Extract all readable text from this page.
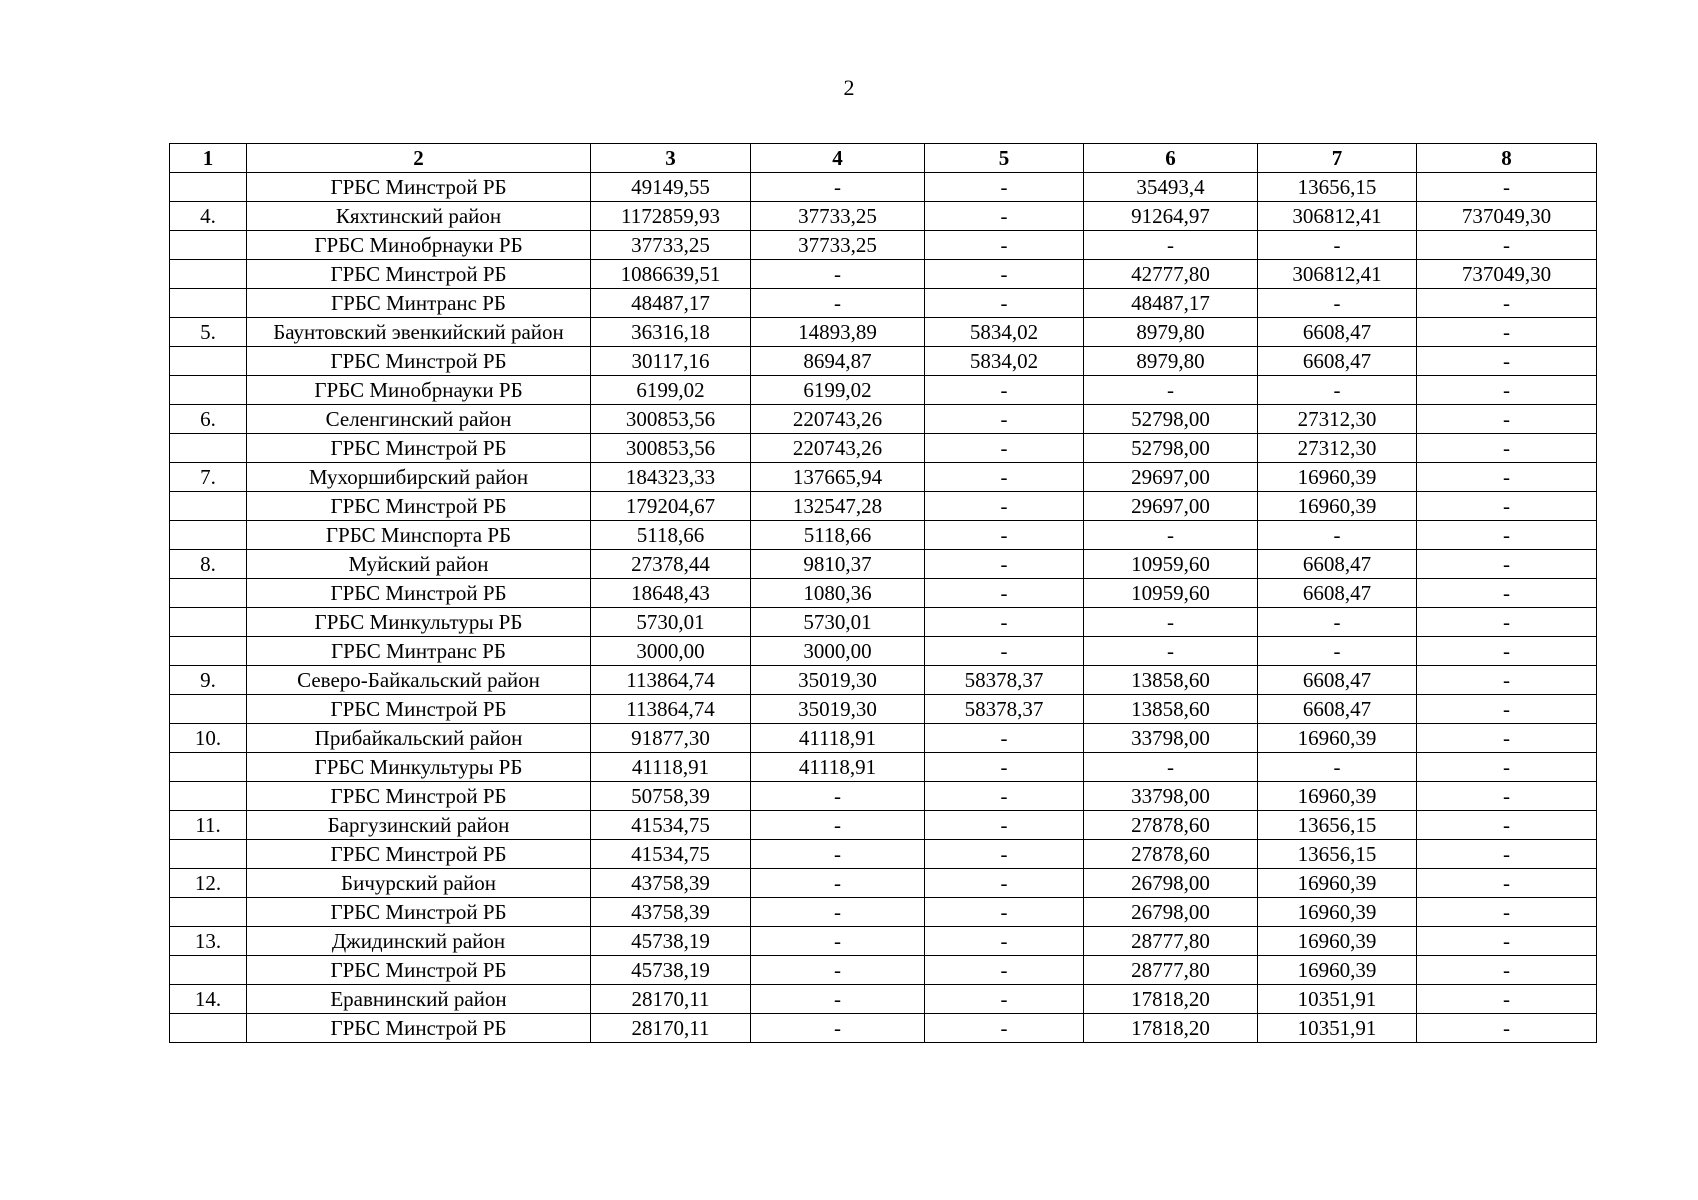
2
1	2	3	4	5	6	7	8
	ГРБС Минстрой РБ	49149,55	-	-	35493,4	13656,15	-
4.	Кяхтинский район	1172859,93	37733,25	-	91264,97	306812,41	737049,30
	ГРБС Минобрнауки РБ	37733,25	37733,25	-	-	-	-
	ГРБС Минстрой РБ	1086639,51	-	-	42777,80	306812,41	737049,30
	ГРБС Минтранс РБ	48487,17	-	-	48487,17	-	-
5.	Баунтовский эвенкийский район	36316,18	14893,89	5834,02	8979,80	6608,47	-
	ГРБС Минстрой РБ	30117,16	8694,87	5834,02	8979,80	6608,47	-
	ГРБС Минобрнауки РБ	6199,02	6199,02	-	-	-	-
6.	Селенгинский район	300853,56	220743,26	-	52798,00	27312,30	-
	ГРБС Минстрой РБ	300853,56	220743,26	-	52798,00	27312,30	-
7.	Мухоршибирский район	184323,33	137665,94	-	29697,00	16960,39	-
	ГРБС Минстрой РБ	179204,67	132547,28	-	29697,00	16960,39	-
	ГРБС Минспорта РБ	5118,66	5118,66	-	-	-	-
8.	Муйский район	27378,44	9810,37	-	10959,60	6608,47	-
	ГРБС Минстрой РБ	18648,43	1080,36	-	10959,60	6608,47	-
	ГРБС Минкультуры РБ	5730,01	5730,01	-	-	-	-
	ГРБС Минтранс РБ	3000,00	3000,00	-	-	-	-
9.	Северо-Байкальский район	113864,74	35019,30	58378,37	13858,60	6608,47	-
	ГРБС Минстрой РБ	113864,74	35019,30	58378,37	13858,60	6608,47	-
10.	Прибайкальский район	91877,30	41118,91	-	33798,00	16960,39	-
	ГРБС Минкультуры РБ	41118,91	41118,91	-	-	-	-
	ГРБС Минстрой РБ	50758,39	-	-	33798,00	16960,39	-
11.	Баргузинский район	41534,75	-	-	27878,60	13656,15	-
	ГРБС Минстрой РБ	41534,75	-	-	27878,60	13656,15	-
12.	Бичурский район	43758,39	-	-	26798,00	16960,39	-
	ГРБС Минстрой РБ	43758,39	-	-	26798,00	16960,39	-
13.	Джидинский район	45738,19	-	-	28777,80	16960,39	-
	ГРБС Минстрой РБ	45738,19	-	-	28777,80	16960,39	-
14.	Еравнинский район	28170,11	-	-	17818,20	10351,91	-
	ГРБС Минстрой РБ	28170,11	-	-	17818,20	10351,91	-
